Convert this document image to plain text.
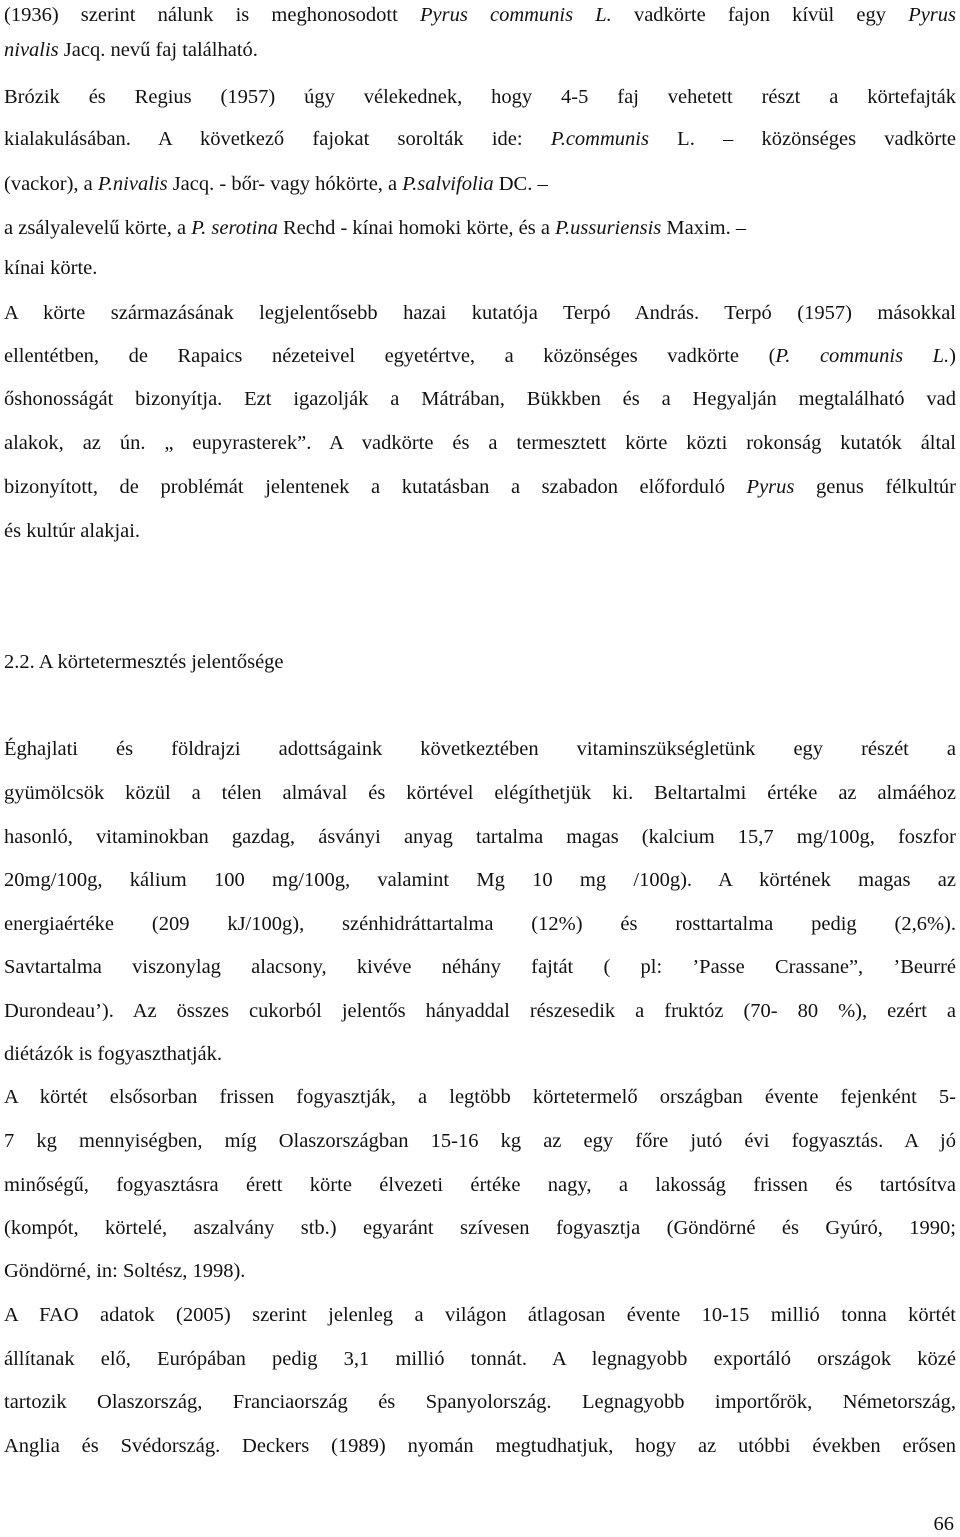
(1936) szerint nálunk is meghonosodott Pyrus communis L. vadkörte fajon kívül egy Pyrus
nivalis Jacq. nevű faj található.
Brózik és Regius (1957) úgy vélekednek, hogy 4-5 faj vehetett részt a körtefajták
kialakulásában. A következő fajokat sorolták ide: P.communis L. – közönséges vadkörte
(vackor), a P.nivalis Jacq. - bőr- vagy hókörte, a P.salvifolia DC. –
a zsályalevelű körte, a P. serotina Rechd - kínai homoki körte, és a P.ussuriensis Maxim. –
kínai körte.
A körte származásának legjelentősebb hazai kutatója Terpó András. Terpó (1957) másokkal
ellentétben, de Rapaics nézeteivel egyetértve, a közönséges vadkörte (P. communis L.)
őshonosságát bizonyítja. Ezt igazolják a Mátrában, Bükkben és a Hegyalján megtalálható vad
alakok, az ún. „ eupyrasterek”. A vadkörte és a termesztett körte közti rokonság kutatók által
bizonyított, de problémát jelentenek a kutatásban a szabadon előforduló Pyrus genus félkultúr
és kultúr alakjai.
2.2. A körtetermesztés jelentősége
Éghajlati és földrajzi adottságaink következtében vitaminszükségletünk egy részét a
gyümölcsök közül a télen almával és körtével elégíthetjük ki. Beltartalmi értéke az almáéhoz
hasonló, vitaminokban gazdag, ásványi anyag tartalma magas (kalcium 15,7 mg/100g, foszfor
20mg/100g, kálium 100 mg/100g, valamint Mg 10 mg /100g). A körtének magas az
energiaértéke (209 kJ/100g), szénhidráttartalma (12%) és rosttartalma pedig (2,6%).
Savtartalma viszonylag alacsony, kivéve néhány fajtát ( pl: ’Passe Crassane”, ’Beurré
Durondeau’). Az összes cukorból jelentős hányaddal részesedik a fruktóz (70- 80 %), ezért a
diétázók is fogyaszthatják.
A körtét elsősorban frissen fogyasztják, a legtöbb körtetermelő országban évente fejenként 5-
7 kg mennyiségben, míg Olaszországban 15-16 kg az egy főre jutó évi fogyasztás. A jó
minőségű, fogyasztásra érett körte élvezeti értéke nagy, a lakosság frissen és tartósítva
(kompót, körtelé, aszalvány stb.) egyaránt szívesen fogyasztja (Göndörné és Gyúró, 1990;
Göndörné, in: Soltész, 1998).
A FAO adatok (2005) szerint jelenleg a világon átlagosan évente 10-15 millió tonna körtét
állítanak elő, Európában pedig 3,1 millió tonnát. A legnagyobb exportáló országok közé
tartozik Olaszország, Franciaország és Spanyolország. Legnagyobb importőrök, Németország,
Anglia és Svédország. Deckers (1989) nyomán megtudhatjuk, hogy az utóbbi években erősen
66
